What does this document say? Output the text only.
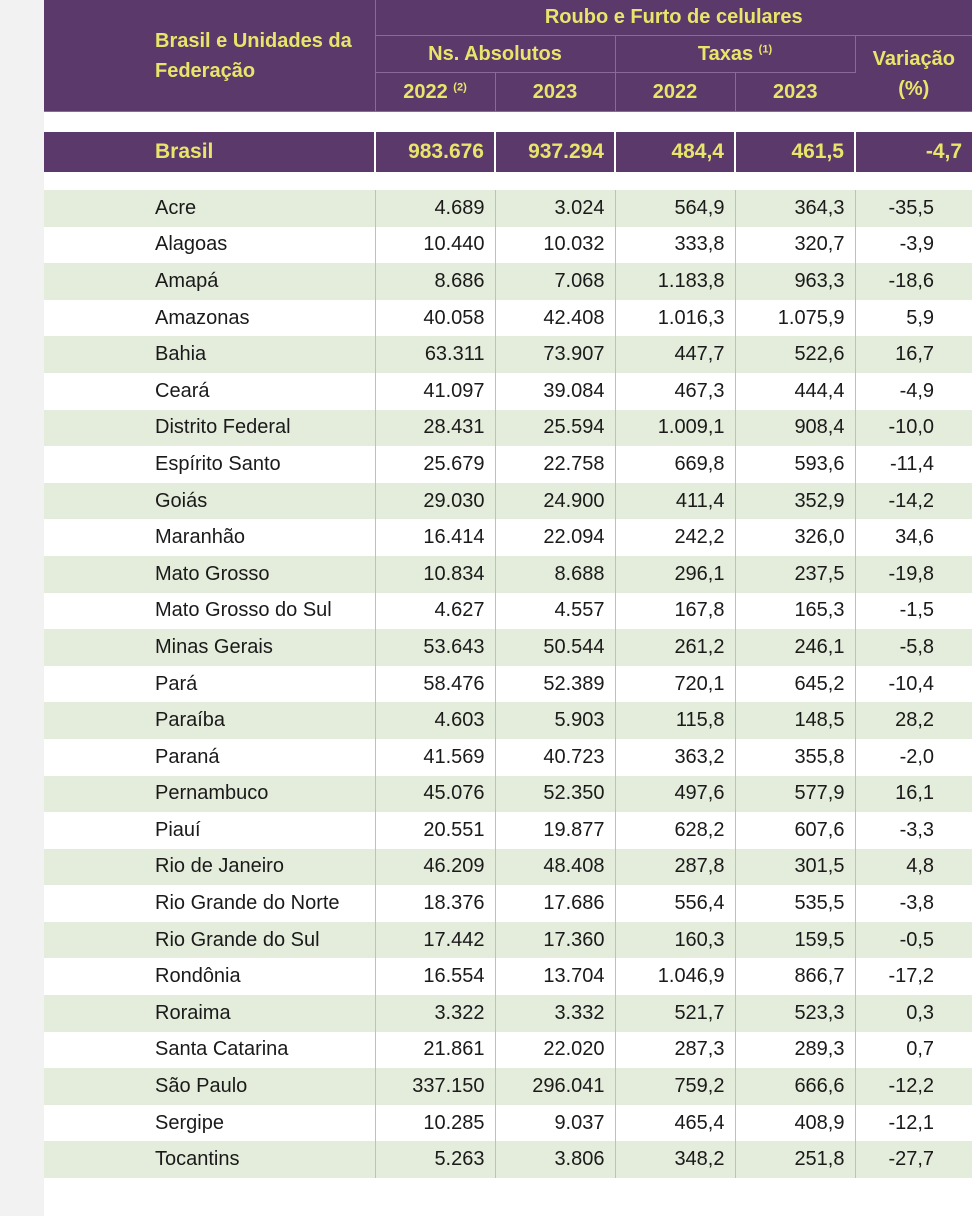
Brasil e Unidades da Federação	Roubo e Furto de celulares				
	Ns. Absolutos		Taxas $^{(1)}$		Variação (%)
	2022 $^{(2)}$	2023	2022	2023	

Brasil	983.676	937.294	484,4	461,5	-4,7

Acre	4.689	3.024	564,9	364,3	-35,5
Alagoas	10.440	10.032	333,8	320,7	-3,9
Amapá	8.686	7.068	1.183,8	963,3	-18,6
Amazonas	40.058	42.408	1.016,3	1.075,9	5,9
Bahia	63.311	73.907	447,7	522,6	16,7
Ceará	41.097	39.084	467,3	444,4	-4,9
Distrito Federal	28.431	25.594	1.009,1	908,4	-10,0
Espírito Santo	25.679	22.758	669,8	593,6	-11,4
Goiás	29.030	24.900	411,4	352,9	-14,2
Maranhão	16.414	22.094	242,2	326,0	34,6
Mato Grosso	10.834	8.688	296,1	237,5	-19,8
Mato Grosso do Sul	4.627	4.557	167,8	165,3	-1,5
Minas Gerais	53.643	50.544	261,2	246,1	-5,8
Pará	58.476	52.389	720,1	645,2	-10,4
Paraíba	4.603	5.903	115,8	148,5	28,2
Paraná	41.569	40.723	363,2	355,8	-2,0
Pernambuco	45.076	52.350	497,6	577,9	16,1
Piauí	20.551	19.877	628,2	607,6	-3,3
Rio de Janeiro	46.209	48.408	287,8	301,5	4,8
Rio Grande do Norte	18.376	17.686	556,4	535,5	-3,8
Rio Grande do Sul	17.442	17.360	160,3	159,5	-0,5
Rondônia	16.554	13.704	1.046,9	866,7	-17,2
Roraima	3.322	3.332	521,7	523,3	0,3
Santa Catarina	21.861	22.020	287,3	289,3	0,7
São Paulo	337.150	296.041	759,2	666,6	-12,2
Sergipe	10.285	9.037	465,4	408,9	-12,1
Tocantins	5.263	3.806	348,2	251,8	-27,7
